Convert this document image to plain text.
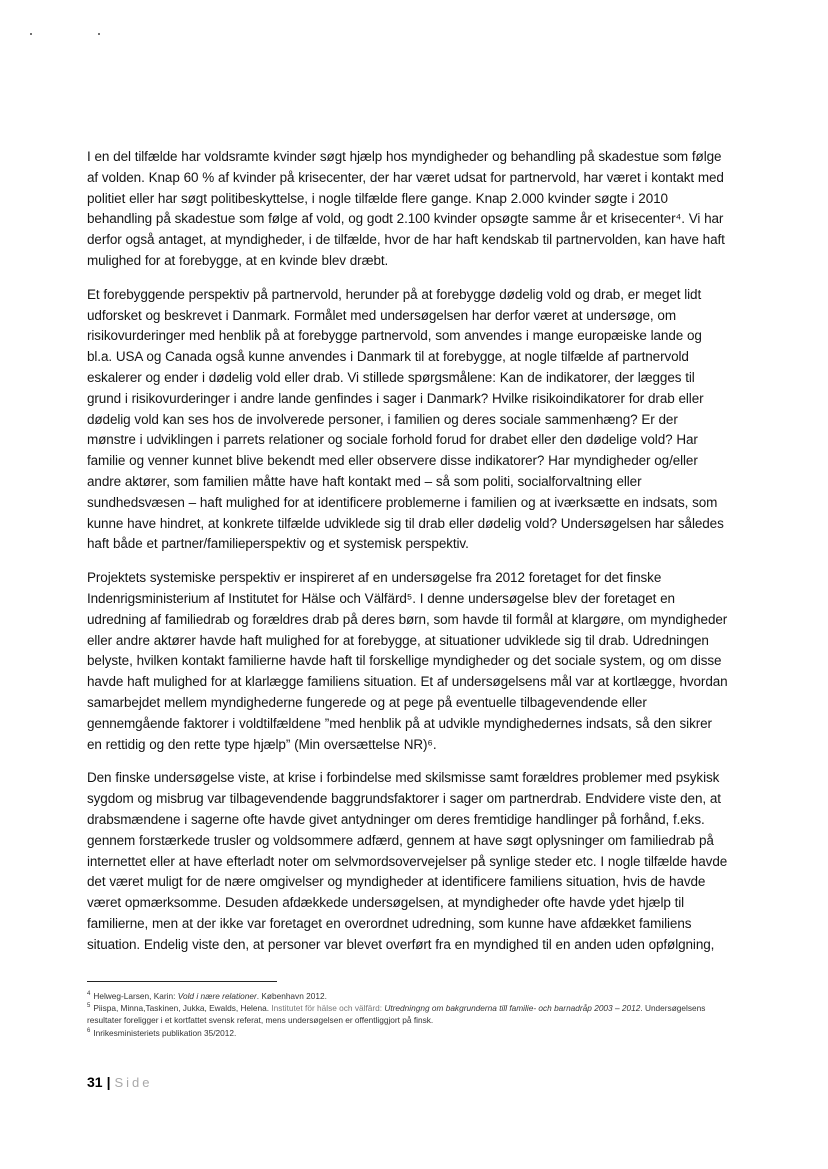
I en del tilfælde har voldsramte kvinder søgt hjælp hos myndigheder og behandling på skadestue som følge af volden. Knap 60 % af kvinder på krisecenter, der har været udsat for partnervold, har været i kontakt med politiet eller har søgt politibeskyttelse, i nogle tilfælde flere gange. Knap 2.000 kvinder søgte i 2010 behandling på skadestue som følge af vold, og godt 2.100 kvinder opsøgte samme år et krisecenter⁴. Vi har derfor også antaget, at myndigheder, i de tilfælde, hvor de har haft kendskab til partnervolden, kan have haft mulighed for at forebygge, at en kvinde blev dræbt.

Et forebyggende perspektiv på partnervold, herunder på at forebygge dødelig vold og drab, er meget lidt udforsket og beskrevet i Danmark. Formålet med undersøgelsen har derfor været at undersøge, om risikovurderinger med henblik på at forebygge partnervold, som anvendes i mange europæiske lande og bl.a. USA og Canada også kunne anvendes i Danmark til at forebygge, at nogle tilfælde af partnervold eskalerer og ender i dødelig vold eller drab. Vi stillede spørgsmålene: Kan de indikatorer, der lægges til grund i risikovurderinger i andre lande genfindes i sager i Danmark? Hvilke risikoindikatorer for drab eller dødelig vold kan ses hos de involverede personer, i familien og deres sociale sammenhæng? Er der mønstre i udviklingen i parrets relationer og sociale forhold forud for drabet eller den dødelige vold? Har familie og venner kunnet blive bekendt med eller observere disse indikatorer? Har myndigheder og/eller andre aktører, som familien måtte have haft kontakt med – så som politi, socialforvaltning eller sundhedsvæsen – haft mulighed for at identificere problemerne i familien og at iværksætte en indsats, som kunne have hindret, at konkrete tilfælde udviklede sig til drab eller dødelig vold? Undersøgelsen har således haft både et partner/familieperspektiv og et systemisk perspektiv.

Projektets systemiske perspektiv er inspireret af en undersøgelse fra 2012 foretaget for det finske Indenrigsministerium af Institutet for Hälse och Välfärd⁵. I denne undersøgelse blev der foretaget en udredning af familiedrab og forældres drab på deres børn, som havde til formål at klargøre, om myndigheder eller andre aktører havde haft mulighed for at forebygge, at situationer udviklede sig til drab. Udredningen belyste, hvilken kontakt familierne havde haft til forskellige myndigheder og det sociale system, og om disse havde haft mulighed for at klarlægge familiens situation. Et af undersøgelsens mål var at kortlægge, hvordan samarbejdet mellem myndighederne fungerede og at pege på eventuelle tilbagevendende eller gennemgående faktorer i voldtilfældene ”med henblik på at udvikle myndighedernes indsats, så den sikrer en rettidig og den rette type hjælp” (Min oversættelse NR)⁶.

Den finske undersøgelse viste, at krise i forbindelse med skilsmisse samt forældres problemer med psykisk sygdom og misbrug var tilbagevendende baggrundsfaktorer i sager om partnerdrab. Endvidere viste den, at drabsmændene i sagerne ofte havde givet antydninger om deres fremtidige handlinger på forhånd, f.eks. gennem forstærkede trusler og voldsommere adfærd, gennem at have søgt oplysninger om familiedrab på internettet eller at have efterladt noter om selvmordsovervejelser på synlige steder etc. I nogle tilfælde havde det været muligt for de nære omgivelser og myndigheder at identificere familiens situation, hvis de havde været opmærksomme. Desuden afdækkede undersøgelsen, at myndigheder ofte havde ydet hjælp til familierne, men at der ikke var foretaget en overordnet udredning, som kunne have afdækket familiens situation. Endelig viste den, at personer var blevet overført fra en myndighed til en anden uden opfølgning,

$^4$ Helweg-Larsen, Karin: Vold i nære relationer. København 2012.

$^5$ Piispa, Minna,Taskinen, Jukka, Ewalds, Helena. Institutet för hälse och välfärd: Utredningng om bakgrunderna till familie- och barnadråp 2003 – 2012. Undersøgelsens resultater foreligger i et kortfattet svensk referat, mens undersøgelsen er offentliggjort på finsk.

$^6$ Inrikesministeriets publikation 35/2012.

31 | Side
